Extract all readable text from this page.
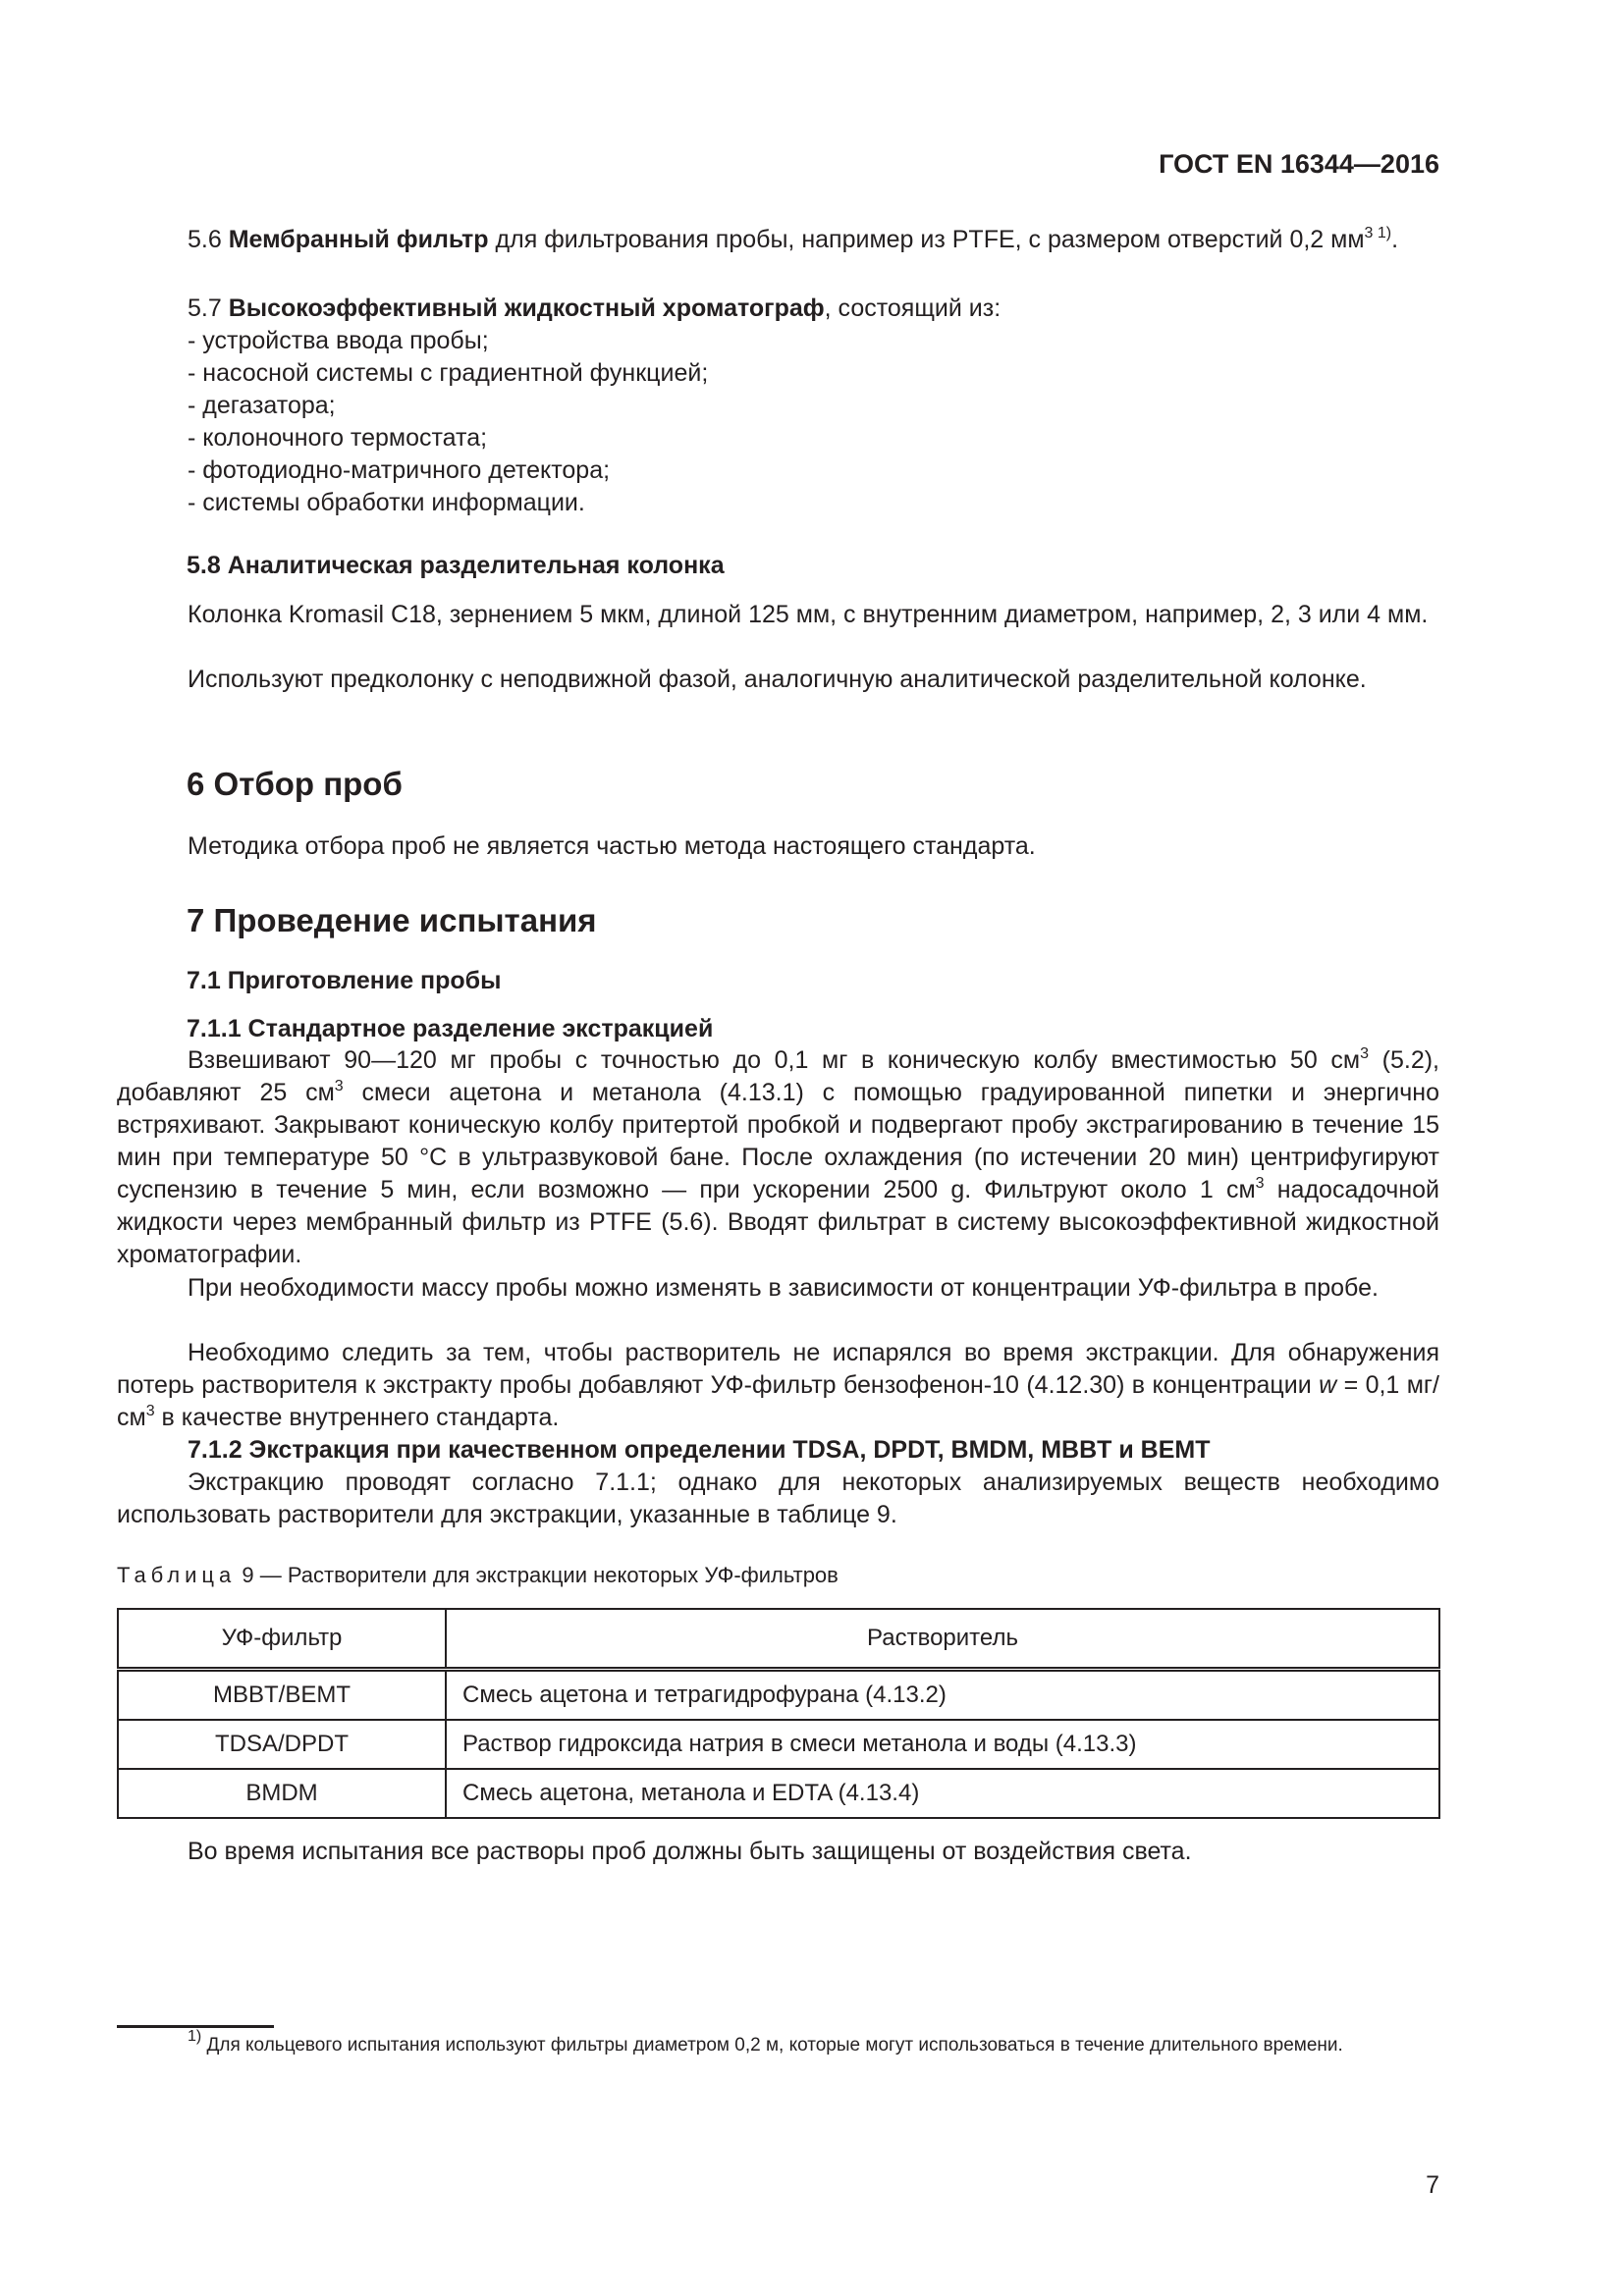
ГОСТ EN 16344—2016
5.6 Мембранный фильтр для фильтрования пробы, например из PTFE, с размером отверстий 0,2 $мм^{3 1)}$.
5.7 Высокоэффективный жидкостный хроматограф, состоящий из:
- устройства ввода пробы;
- насосной системы с градиентной функцией;
- дегазатора;
- колоночного термостата;
- фотодиодно-матричного детектора;
- системы обработки информации.
5.8 Аналитическая разделительная колонка
Колонка Kromasil C18, зернением 5 мкм, длиной 125 мм, с внутренним диаметром, например, 2, 3 или 4 мм.
Используют предколонку с неподвижной фазой, аналогичную аналитической разделительной колонке.
6 Отбор проб
Методика отбора проб не является частью метода настоящего стандарта.
7 Проведение испытания
7.1 Приготовление пробы
7.1.1 Стандартное разделение экстракцией
Взвешивают 90—120 мг пробы с точностью до 0,1 мг в коническую колбу вместимостью 50 $см^3$ (5.2), добавляют 25 $см^3$ смеси ацетона и метанола (4.13.1) с помощью градуированной пипетки и энергично встряхивают. Закрывают коническую колбу притертой пробкой и подвергают пробу экстрагированию в течение 15 мин при температуре 50 °С в ультразвуковой бане. После охлаждения (по истечении 20 мин) центрифугируют суспензию в течение 5 мин, если возможно — при ускорении 2500 g. Фильтруют около 1 $см^3$ надосадочной жидкости через мембранный фильтр из PTFE (5.6). Вводят фильтрат в систему высокоэффективной жидкостной хроматографии.
При необходимости массу пробы можно изменять в зависимости от концентрации УФ-фильтра в пробе.
Необходимо следить за тем, чтобы растворитель не испарялся во время экстракции. Для обнаружения потерь растворителя к экстракту пробы добавляют УФ-фильтр бензофенон-10 (4.12.30) в концентрации w = 0,1 $мг/см^3$ в качестве внутреннего стандарта.
7.1.2 Экстракция при качественном определении TDSA, DPDT, BMDM, MBBT и BEMT
Экстракцию проводят согласно 7.1.1; однако для некоторых анализируемых веществ необходимо использовать растворители для экстракции, указанные в таблице 9.
Таблица 9 — Растворители для экстракции некоторых УФ-фильтров
УФ-фильтр	Растворитель
MBBT/BEMT	Смесь ацетона и тетрагидрофурана (4.13.2)
TDSA/DPDT	Раствор гидроксида натрия в смеси метанола и воды (4.13.3)
BMDM	Смесь ацетона, метанола и EDTA (4.13.4)
Во время испытания все растворы проб должны быть защищены от воздействия света.
$^{1)}$ Для кольцевого испытания используют фильтры диаметром 0,2 м, которые могут использоваться в течение длительного времени.
7
